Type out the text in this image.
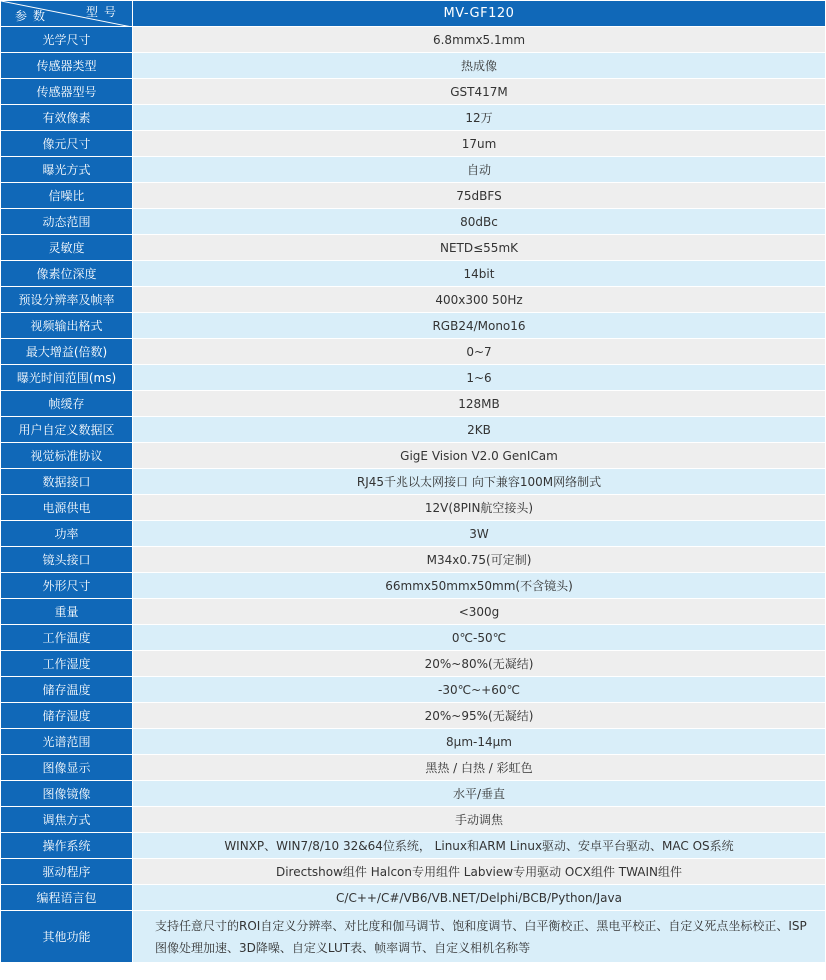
型号
参数	MV-GF120
光学尺寸	6.8mmx5.1mm
传感器类型	热成像
传感器型号	GST417M
有效像素	12万
像元尺寸	17um
曝光方式	自动
信噪比	75dBFS
动态范围	80dBc
灵敏度	NETD≤55mK
像素位深度	14bit
预设分辨率及帧率	400x300 50Hz
视频输出格式	RGB24/Mono16
最大增益(倍数)	0~7
曝光时间范围(ms)	1~6
帧缓存	128MB
用户自定义数据区	2KB
视觉标准协议	GigE Vision V2.0 GenICam
数据接口	RJ45千兆以太网接口 向下兼容100M网络制式
电源供电	12V(8PIN航空接头)
功率	3W
镜头接口	M34x0.75(可定制)
外形尺寸	66mmx50mmx50mm(不含镜头)
重量	<300g
工作温度	0℃-50℃
工作湿度	20%~80%(无凝结)
储存温度	-30℃~+60℃
储存湿度	20%~95%(无凝结)
光谱范围	8μm-14μm
图像显示	黑热 / 白热 / 彩虹色
图像镜像	水平/垂直
调焦方式	手动调焦
操作系统	WINXP、WIN7/8/10 32&64位系统， Linux和ARM Linux驱动、安卓平台驱动、MAC OS系统
驱动程序	Directshow组件 Halcon专用组件 Labview专用驱动 OCX组件 TWAIN组件
编程语言包	C/C++/C#/VB6/VB.NET/Delphi/BCB/Python/Java
其他功能	支持任意尺寸的ROI自定义分辨率、对比度和伽马调节、饱和度调节、白平衡校正、黑电平校正、自定义死点坐标校正、ISP图像处理加速、3D降噪、自定义LUT表、帧率调节、自定义相机名称等
